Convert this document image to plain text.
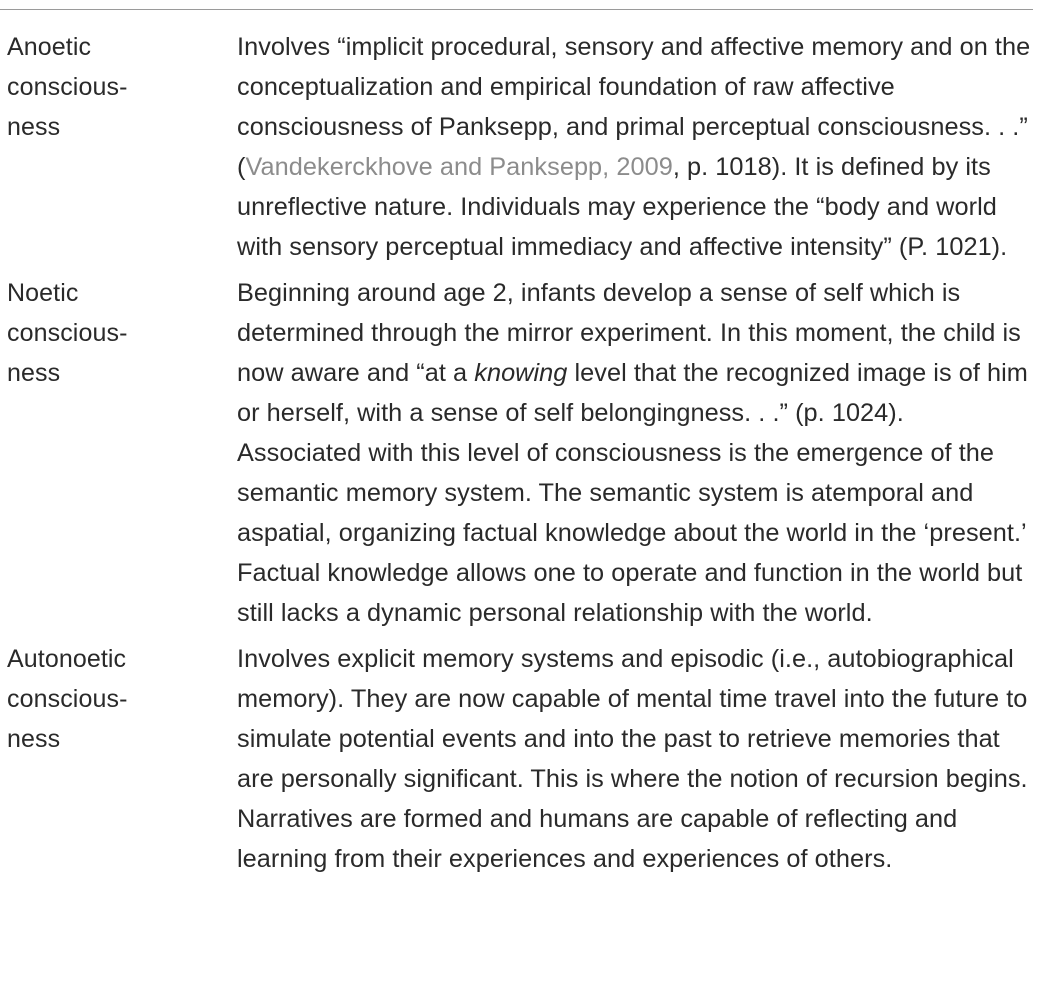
Anoetic
conscious-
ness
Involves “implicit procedural, sensory and affective memory and on the conceptualization and empirical foundation of raw affective consciousness of Panksepp, and primal perceptual consciousness. . .” (Vandekerckhove and Panksepp, 2009, p. 1018). It is defined by its unreflective nature. Individuals may experience the “body and world with sensory perceptual immediacy and affective intensity” (P. 1021).
Noetic
conscious-
ness
Beginning around age 2, infants develop a sense of self which is determined through the mirror experiment. In this moment, the child is now aware and “at a knowing level that the recognized image is of him or herself, with a sense of self belongingness. . .” (p. 1024). Associated with this level of consciousness is the emergence of the semantic memory system. The semantic system is atemporal and aspatial, organizing factual knowledge about the world in the ‘present.’ Factual knowledge allows one to operate and function in the world but still lacks a dynamic personal relationship with the world.
Autonoetic
conscious-
ness
Involves explicit memory systems and episodic (i.e., autobiographical memory). They are now capable of mental time travel into the future to simulate potential events and into the past to retrieve memories that are personally significant. This is where the notion of recursion begins. Narratives are formed and humans are capable of reflecting and learning from their experiences and experiences of others.
